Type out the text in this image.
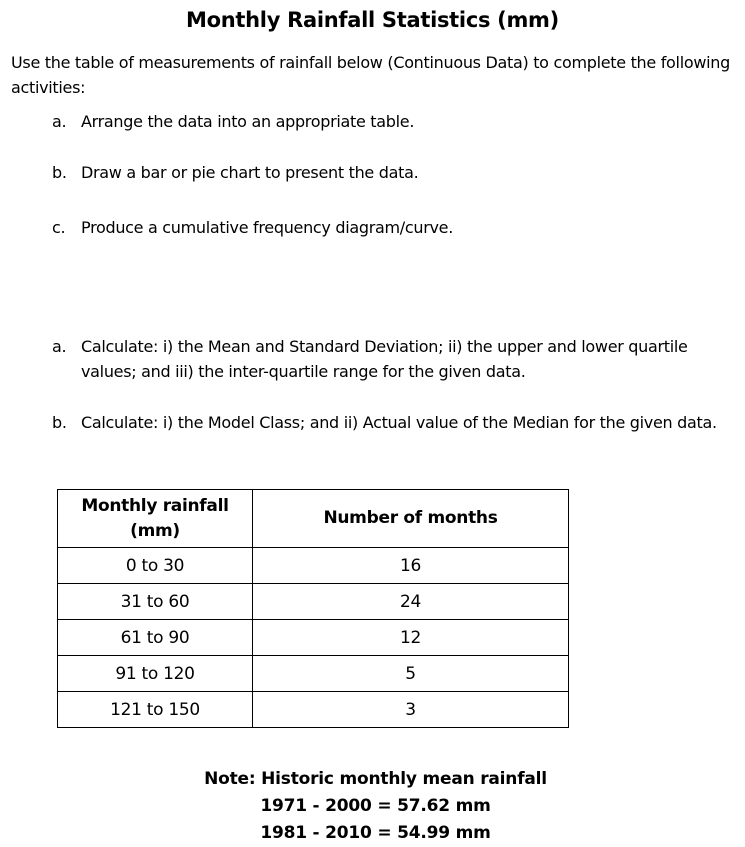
Monthly Rainfall Statistics (mm)
Use the table of measurements of rainfall below (Continuous Data) to complete the following activities:
a. Arrange the data into an appropriate table.
b. Draw a bar or pie chart to present the data.
c. Produce a cumulative frequency diagram/curve.
a. Calculate: i) the Mean and Standard Deviation; ii) the upper and lower quartile values; and iii) the inter-quartile range for the given data.
b. Calculate: i) the Model Class; and ii) Actual value of the Median for the given data.
Monthly rainfall (mm)	Number of months
0 to 30	16
31 to 60	24
61 to 90	12
91 to 120	5
121 to 150	3
Note: Historic monthly mean rainfall
1971 - 2000 = 57.62 mm
1981 - 2010 = 54.99 mm
